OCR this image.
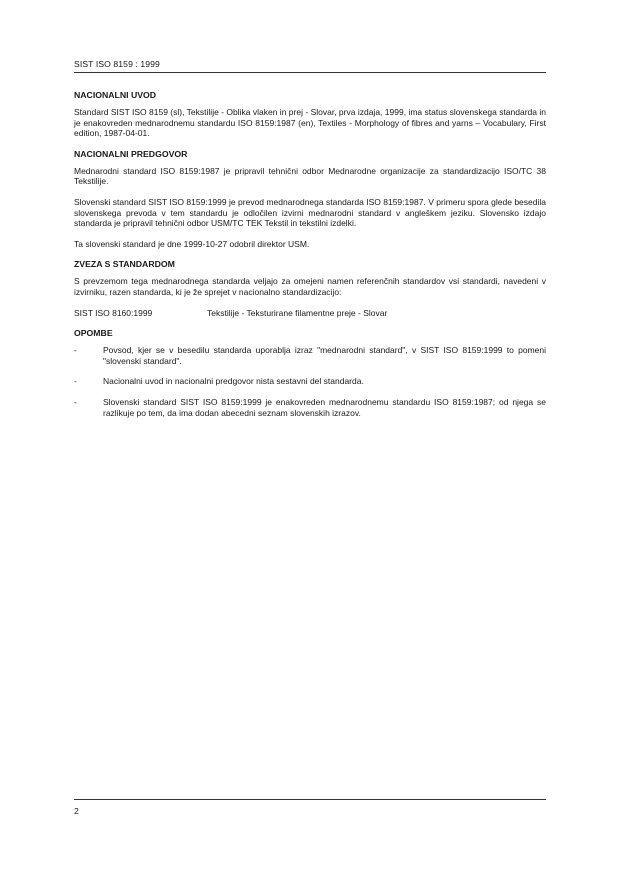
SIST ISO 8159 : 1999
NACIONALNI UVOD

Standard SIST ISO 8159 (sl), Tekstilije - Oblika vlaken in prej - Slovar, prva izdaja, 1999, ima status slovenskega standarda in je enakovreden mednarodnemu standardu ISO 8159:1987 (en), Textiles - Morphology of fibres and yarns – Vocabulary, First edition, 1987-04-01.

NACIONALNI PREDGOVOR

Mednarodni standard ISO 8159:1987 je pripravil tehnični odbor Mednarodne organizacije za standardizacijo ISO/TC 38 Tekstilije.

Slovenski standard SIST ISO 8159:1999 je prevod mednarodnega standarda ISO 8159:1987. V primeru spora glede besedila slovenskega prevoda v tem standardu je odločilen izvirni mednarodni standard v angleškem jeziku. Slovensko izdajo standarda je pripravil tehnični odbor USM/TC TEK Tekstil in tekstilni izdelki.

Ta slovenski standard je dne 1999-10-27 odobril direktor USM.

ZVEZA S STANDARDOM

S prevzemom tega mednarodnega standarda veljajo za omejeni namen referenčnih standardov vsi standardi, navedeni v izvirniku, razen standarda, ki je že sprejet v nacionalno standardizacijo:

SIST ISO 8160:1999	Tekstilije - Teksturirane filamentne preje - Slovar
OPOMBE
-	Povsod, kjer se v besedilu standarda uporablja izraz "mednarodni standard", v SIST ISO 8159:1999 to pomeni "slovenski standard".
-	Nacionalni uvod in nacionalni predgovor nista sestavni del standarda.
-	Slovenski standard SIST ISO 8159:1999 je enakovreden mednarodnemu standardu ISO 8159:1987; od njega se razlikuje po tem, da ima dodan abecedni seznam slovenskih izrazov.
2
